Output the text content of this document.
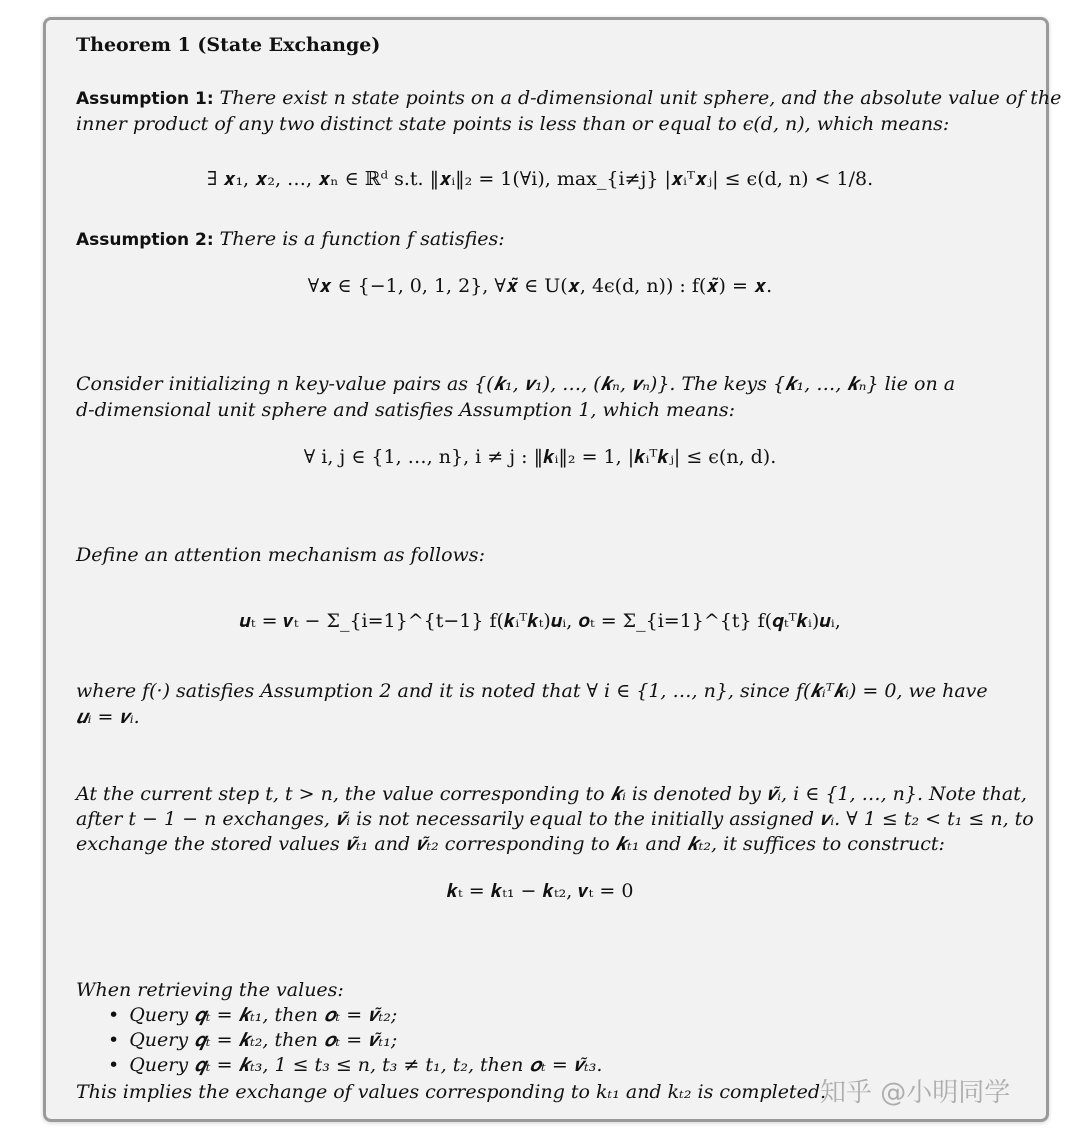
Theorem 1 (State Exchange)
Assumption 1: There exist n state points on a d-dimensional unit sphere, and the absolute value of the
inner product of any two distinct state points is less than or equal to ϵ(d, n), which means:
∃ 𝒙₁, 𝒙₂, …, 𝒙ₙ ∈ ℝᵈ s.t. ‖𝒙ᵢ‖₂ = 1(∀i), max_{i≠j} |𝒙ᵢᵀ𝒙ⱼ| ≤ ϵ(d, n) < 1/8.
Assumption 2: There is a function f satisfies:
∀𝒙 ∈ {−1, 0, 1, 2}, ∀𝒙̃ ∈ U(𝒙, 4ϵ(d, n)) : f(𝒙̃) = 𝒙.
Consider initializing n key-value pairs as {(𝒌₁, 𝒗₁), …, (𝒌ₙ, 𝒗ₙ)}. The keys {𝒌₁, …, 𝒌ₙ} lie on a
d-dimensional unit sphere and satisfies Assumption 1, which means:
∀ i, j ∈ {1, …, n}, i ≠ j : ‖𝒌ᵢ‖₂ = 1, |𝒌ᵢᵀ𝒌ⱼ| ≤ ϵ(n, d).
Define an attention mechanism as follows:
𝒖ₜ = 𝒗ₜ − Σ_{i=1}^{t−1} f(𝒌ᵢᵀ𝒌ₜ)𝒖ᵢ, 𝒐ₜ = Σ_{i=1}^{t} f(𝒒ₜᵀ𝒌ᵢ)𝒖ᵢ,
where f(·) satisfies Assumption 2 and it is noted that ∀ i ∈ {1, …, n}, since f(𝒌ᵢᵀ𝒌ᵢ) = 0, we have
𝒖ᵢ = 𝒗ᵢ.
At the current step t, t > n, the value corresponding to 𝒌ᵢ is denoted by 𝒗̃ᵢ, i ∈ {1, …, n}. Note that,
after t − 1 − n exchanges, 𝒗̃ᵢ is not necessarily equal to the initially assigned 𝒗ᵢ. ∀ 1 ≤ t₂ < t₁ ≤ n, to
exchange the stored values 𝒗̃ₜ₁ and 𝒗̃ₜ₂ corresponding to 𝒌ₜ₁ and 𝒌ₜ₂, it suffices to construct:
𝒌ₜ = 𝒌ₜ₁ − 𝒌ₜ₂, 𝒗ₜ = 0
When retrieving the values:
• Query 𝒒ₜ = 𝒌ₜ₁, then 𝒐ₜ = 𝒗̃ₜ₂;
• Query 𝒒ₜ = 𝒌ₜ₂, then 𝒐ₜ = 𝒗̃ₜ₁;
• Query 𝒒ₜ = 𝒌ₜ₃, 1 ≤ t₃ ≤ n, t₃ ≠ t₁, t₂, then 𝒐ₜ = 𝒗̃ₜ₃.
This implies the exchange of values corresponding to kₜ₁ and kₜ₂ is completed.
知乎 @小明同学
